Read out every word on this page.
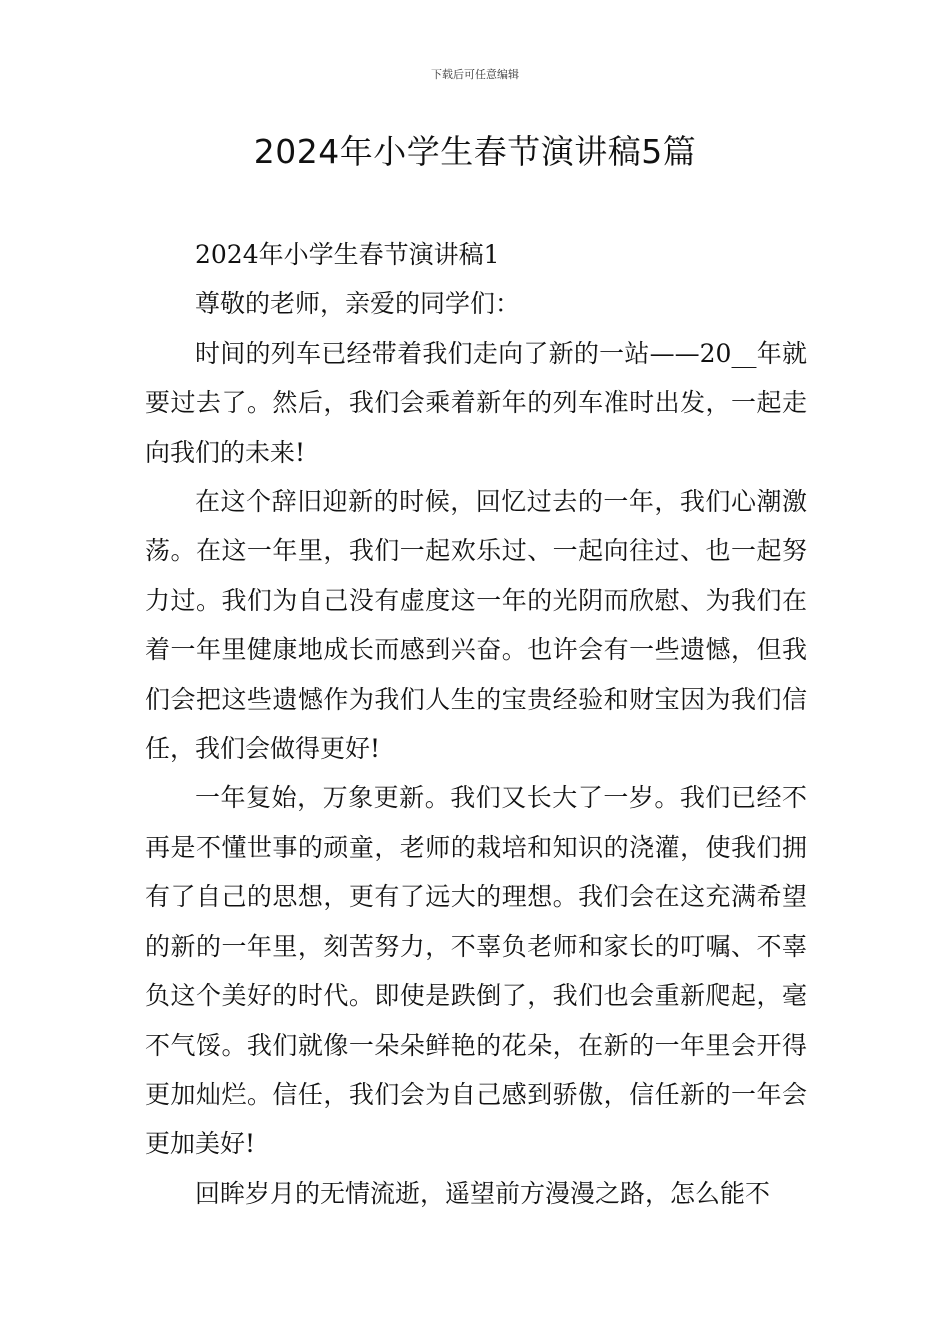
下载后可任意编辑
2024年小学生春节演讲稿5篇

2024年小学生春节演讲稿1

尊敬的老师，亲爱的同学们：

时间的列车已经带着我们走向了新的一站——20__年就要过去了。然后，我们会乘着新年的列车准时出发，一起走向我们的未来!

在这个辞旧迎新的时候，回忆过去的一年，我们心潮激荡。在这一年里，我们一起欢乐过、一起向往过、也一起努力过。我们为自己没有虚度这一年的光阴而欣慰、为我们在着一年里健康地成长而感到兴奋。也许会有一些遗憾，但我们会把这些遗憾作为我们人生的宝贵经验和财宝因为我们信任，我们会做得更好!

一年复始，万象更新。我们又长大了一岁。我们已经不再是不懂世事的顽童，老师的栽培和知识的浇灌，使我们拥有了自己的思想，更有了远大的理想。我们会在这充满希望的新的一年里，刻苦努力，不辜负老师和家长的叮嘱、不辜负这个美好的时代。即使是跌倒了，我们也会重新爬起，毫不气馁。我们就像一朵朵鲜艳的花朵，在新的一年里会开得更加灿烂。信任，我们会为自己感到骄傲，信任新的一年会更加美好!

回眸岁月的无情流逝，遥望前方漫漫之路，怎么能不
